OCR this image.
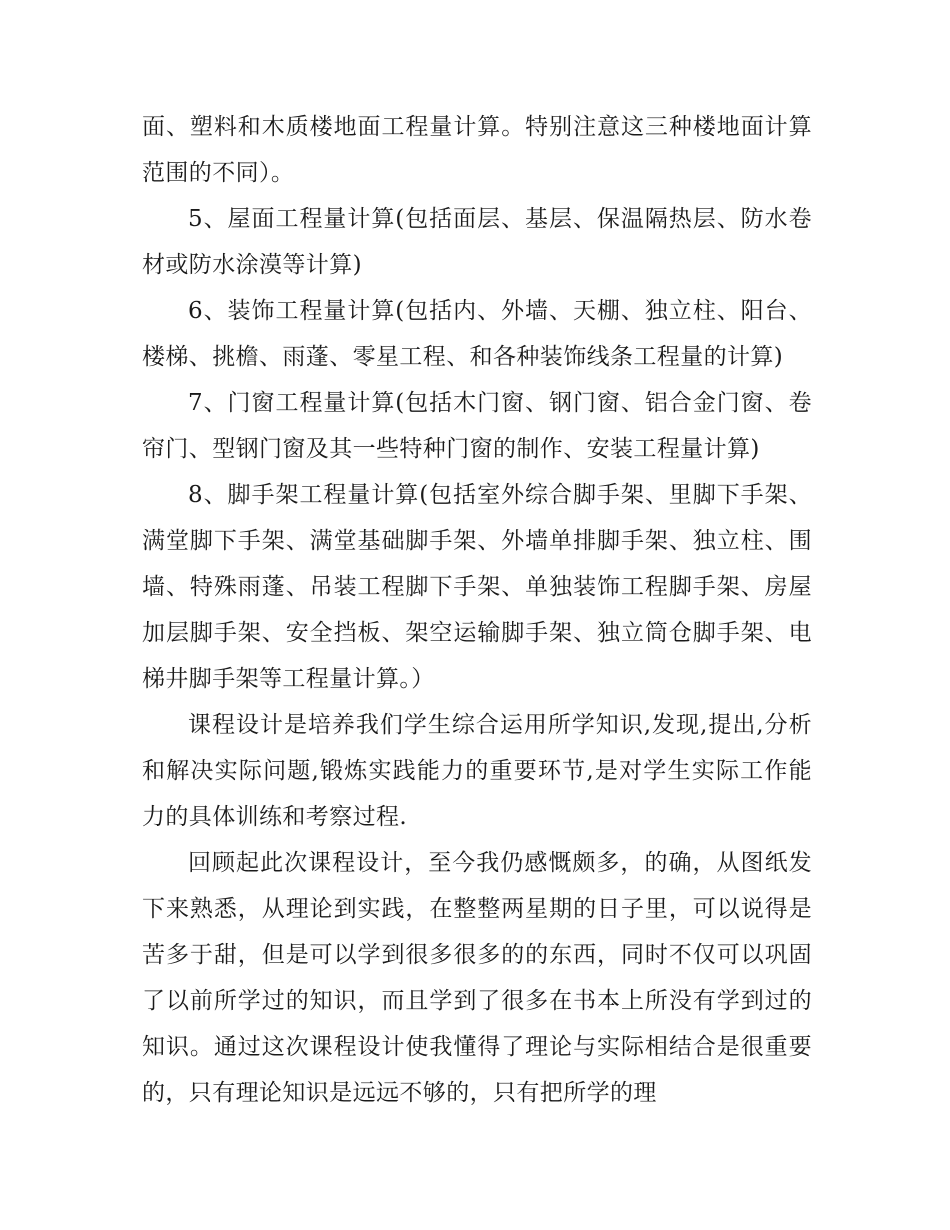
面、塑料和木质楼地面工程量计算。特别注意这三种楼地面计算范围的不同）。

5、屋面工程量计算(包括面层、基层、保温隔热层、防水卷材或防水涂漠等计算)

6、装饰工程量计算(包括内、外墙、天棚、独立柱、阳台、楼梯、挑檐、雨蓬、零星工程、和各种装饰线条工程量的计算)

7、门窗工程量计算(包括木门窗、钢门窗、铝合金门窗、卷帘门、型钢门窗及其一些特种门窗的制作、安装工程量计算)

8、脚手架工程量计算(包括室外综合脚手架、里脚下手架、满堂脚下手架、满堂基础脚手架、外墙单排脚手架、独立柱、围墙、特殊雨蓬、吊装工程脚下手架、单独装饰工程脚手架、房屋加层脚手架、安全挡板、架空运输脚手架、独立筒仓脚手架、电梯井脚手架等工程量计算。）

课程设计是培养我们学生综合运用所学知识,发现,提出,分析和解决实际问题,锻炼实践能力的重要环节,是对学生实际工作能力的具体训练和考察过程.

回顾起此次课程设计，至今我仍感慨颇多，的确，从图纸发下来熟悉，从理论到实践，在整整两星期的日子里，可以说得是苦多于甜，但是可以学到很多很多的的东西，同时不仅可以巩固了以前所学过的知识，而且学到了很多在书本上所没有学到过的知识。通过这次课程设计使我懂得了理论与实际相结合是很重要的，只有理论知识是远远不够的，只有把所学的理
